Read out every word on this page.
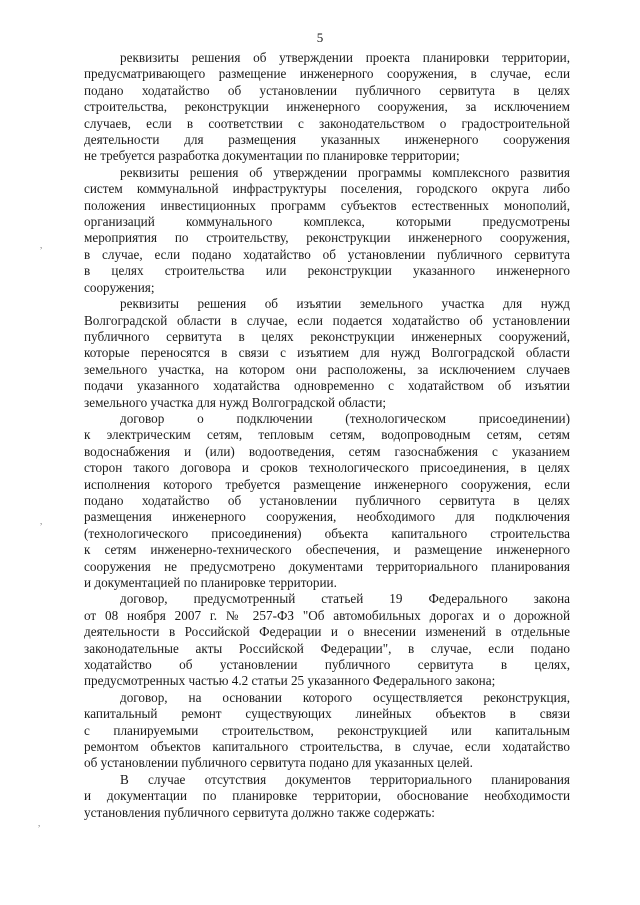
5
,
,
,
реквизиты решения об утверждении проекта планировки территории,
предусматривающего размещение инженерного сооружения, в случае, если
подано ходатайство об установлении публичного сервитута в целях
строительства, реконструкции инженерного сооружения, за исключением
случаев, если в соответствии с законодательством о градостроительной
деятельности для размещения указанных инженерного сооружения
не требуется разработка документации по планировке территории;
реквизиты решения об утверждении программы комплексного развития
систем коммунальной инфраструктуры поселения, городского округа либо
положения инвестиционных программ субъектов естественных монополий,
организаций коммунального комплекса, которыми предусмотрены
мероприятия по строительству, реконструкции инженерного сооружения,
в случае, если подано ходатайство об установлении публичного сервитута
в целях строительства или реконструкции указанного инженерного
сооружения;
реквизиты решения об изъятии земельного участка для нужд
Волгоградской области в случае, если подается ходатайство об установлении
публичного сервитута в целях реконструкции инженерных сооружений,
которые переносятся в связи с изъятием для нужд Волгоградской области
земельного участка, на котором они расположены, за исключением случаев
подачи указанного ходатайства одновременно с ходатайством об изъятии
земельного участка для нужд Волгоградской области;
договор о подключении (технологическом присоединении)
к электрическим сетям, тепловым сетям, водопроводным сетям, сетям
водоснабжения и (или) водоотведения, сетям газоснабжения с указанием
сторон такого договора и сроков технологического присоединения, в целях
исполнения которого требуется размещение инженерного сооружения, если
подано ходатайство об установлении публичного сервитута в целях
размещения инженерного сооружения, необходимого для подключения
(технологического присоединения) объекта капитального строительства
к сетям инженерно-технического обеспечения, и размещение инженерного
сооружения не предусмотрено документами территориального планирования
и документацией по планировке территории.
договор, предусмотренный статьей 19 Федерального закона
от 08 ноября 2007 г. № 257-ФЗ "Об автомобильных дорогах и о дорожной
деятельности в Российской Федерации и о внесении изменений в отдельные
законодательные акты Российской Федерации", в случае, если подано
ходатайство об установлении публичного сервитута в целях,
предусмотренных частью 4.2 статьи 25 указанного Федерального закона;
договор, на основании которого осуществляется реконструкция,
капитальный ремонт существующих линейных объектов в связи
с планируемыми строительством, реконструкцией или капитальным
ремонтом объектов капитального строительства, в случае, если ходатайство
об установлении публичного сервитута подано для указанных целей.
В случае отсутствия документов территориального планирования
и документации по планировке территории, обоснование необходимости
установления публичного сервитута должно также содержать:
